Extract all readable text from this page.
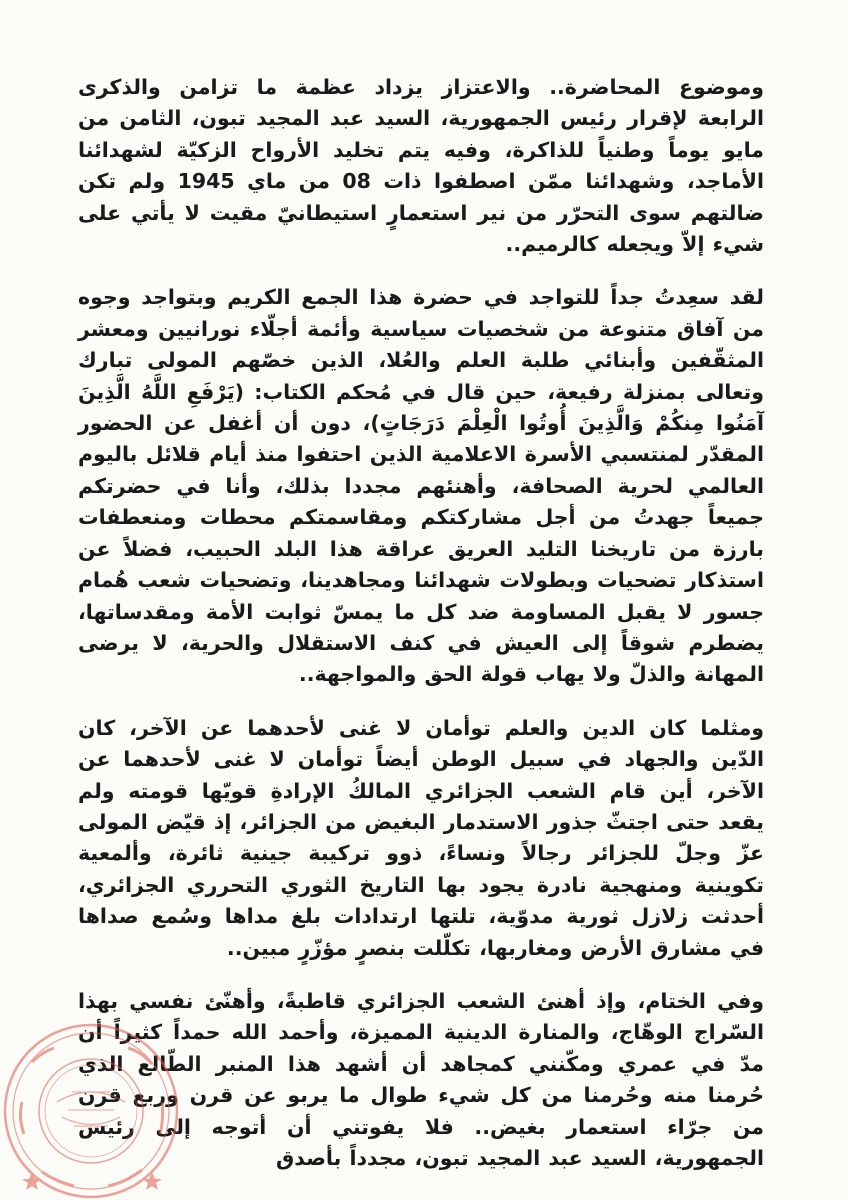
وموضوع المحاضرة.. والاعتزاز يزداد عظمة ما تزامن والذكرى الرابعة لإقرار رئيس الجمهورية، السيد عبد المجيد تبون، الثامن من مايو يوماً وطنياً للذاكرة، وفيه يتم تخليد الأرواح الزكيّة لشهدائنا الأماجد، وشهدائنا ممّن اصطفوا ذات 08 من ماي 1945 ولم تكن ضالتهم سوى التحرّر من نير استعمارٍ استيطانيّ مقيت لا يأتي على شيء إلاّ ويجعله كالرميم..

لقد سعِدتُ جداً للتواجد في حضرة هذا الجمع الكريم وبتواجد وجوه من آفاق متنوعة من شخصيات سياسية وأئمة أجلّاء نورانيين ومعشر المثقّفين وأبنائي طلبة العلم والعُلا، الذين خصّهم المولى تبارك وتعالى بمنزلة رفيعة، حين قال في مُحكم الكتاب: (يَرْفَعِ اللَّهُ الَّذِينَ آمَنُوا مِنكُمْ وَالَّذِينَ أُوتُوا الْعِلْمَ دَرَجَاتٍ)، دون أن أغفل عن الحضور المقدّر لمنتسبي الأسرة الاعلامية الذين احتفوا منذ أيام قلائل باليوم العالمي لحرية الصحافة، وأهنئهم مجددا بذلك، وأنا في حضرتكم جميعاً جهدتُ من أجل مشاركتكم ومقاسمتكم محطات ومنعطفات بارزة من تاريخنا التليد العريق عراقة هذا البلد الحبيب، فضلاً عن استذكار تضحيات وبطولات شهدائنا ومجاهدينا، وتضحيات شعب هُمام جسور لا يقبل المساومة ضد كل ما يمسّ ثوابت الأمة ومقدساتها، يضطرم شوقاً إلى العيش في كنف الاستقلال والحرية، لا يرضى المهانة والذلّ ولا يهاب قولة الحق والمواجهة..

ومثلما كان الدين والعلم توأمان لا غنى لأحدهما عن الآخر، كان الدّين والجهاد في سبيل الوطن أيضاً توأمان لا غنى لأحدهما عن الآخر، أين قام الشعب الجزائري المالكُ الإرادةِ قويّها قومته ولم يقعد حتى اجتثّ جذور الاستدمار البغيض من الجزائر، إذ قيّض المولى عزّ وجلّ للجزائر رجالاً ونساءً، ذوو تركيبة جينية ثائرة، وألمعية تكوينية ومنهجية نادرة يجود بها التاريخ الثوري التحرري الجزائري، أحدثت زلازل ثورية مدوّية، تلتها ارتدادات بلغ مداها وسُمع صداها في مشارق الأرض ومغاربها، تكلّلت بنصرٍ مؤزّرٍ مبين..

وفي الختام، وإذ أهنئ الشعب الجزائري قاطبةً، وأهنّئ نفسي بهذا السّراج الوهّاج، والمنارة الدينية المميزة، وأحمد الله حمداً كثيراً أن مدّ في عمري ومكّنني كمجاهد أن أشهد هذا المنبر الطّالع الذي حُرمنا منه وحُرمنا من كل شيء طوال ما يربو عن قرن وربع قرن من جرّاء استعمار بغيض.. فلا يفوتني أن أتوجه إلى رئيس الجمهورية، السيد عبد المجيد تبون، مجدداً بأصدق
